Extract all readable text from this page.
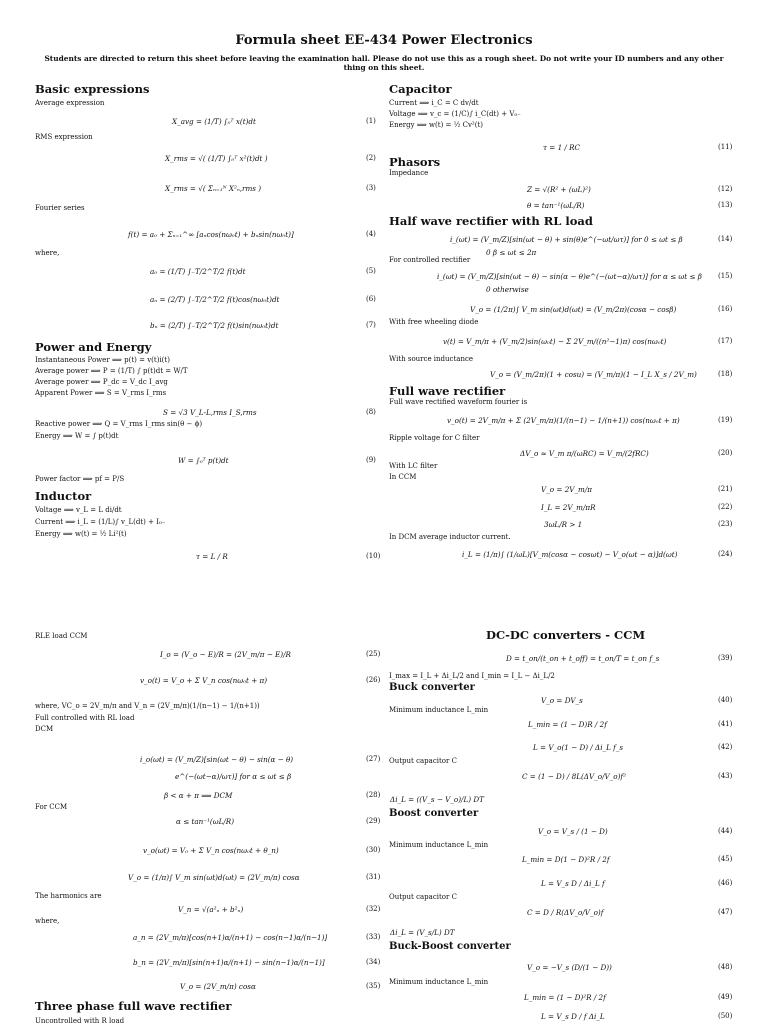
Formula sheet EE-434 Power Electronics
Students are directed to return this sheet before leaving the examination hall. Please do not use this as a rough sheet. Do not write your ID numbers and any other thing on this sheet.
Basic expressions
Average expression
X_avg = (1/T) ∫₀ᵀ x(t)dt	(1)
RMS expression
X_rms = √( (1/T) ∫₀ᵀ x²(t)dt )	(2)
X_rms = √( Σₙ₌₁ᴺ X²ₙ,rms )	(3)
Fourier series
f(t) = a₀ + Σₙ₌₁^∞ [aₙcos(nω₀t) + bₙsin(nω₀t)]	(4)
where,
a₀ = (1/T) ∫₋T/2^T/2 f(t)dt	(5)
aₙ = (2/T) ∫₋T/2^T/2 f(t)cos(nω₀t)dt	(6)
bₙ = (2/T) ∫₋T/2^T/2 f(t)sin(nω₀t)dt	(7)
Power and Energy
Instantaneous Power ⟹ p(t) = v(t)i(t)
Average power ⟹ P = (1/T) ∫ p(t)dt = W/T
Average power ⟹ P_dc = V_dc I_avg
Apparent Power ⟹ S = V_rms I_rms
S = √3 V_L-L,rms I_S,rms	(8)
Reactive power ⟹ Q = V_rms I_rms sin(θ − ϕ)
Energy ⟹ W = ∫ p(t)dt
W = ∫₀ᵀ p(t)dt	(9)
Power factor ⟹ pf = P/S
Inductor
Voltage ⟹ v_L = L di/dt
Current ⟹ i_L = (1/L)∫ v_L(dt) + I₀₋
Energy ⟹ w(t) = ½ Li²(t)
τ = L / R	(10)
RLE load CCM
I_o = (V_o − E)/R = (2V_m/π − E)/R	(25)
v_o(t) = V_o + Σ V_n cos(nω₀t + π)	(26)
where, VC_o = 2V_m/π and V_n = (2V_m/π)(1/(n−1) − 1/(n+1))
Full controlled with RL load
DCM
i_o(ωt) = (V_m/Z)[sin(ωt − θ) − sin(α − θ)	(27)
e^(−(ωt−α)/ωτ)] for α ≤ ωt ≤ β
β < α + π ⟹ DCM	(28)
For CCM
α ≤ tan⁻¹(ωL/R)	(29)
v_o(ωt) = V₀ + Σ V_n cos(nω₀t + θ_n)	(30)
V_o = (1/π)∫ V_m sin(ωt)d(ωt) = (2V_m/π) cosα	(31)
The harmonics are
V_n = √(a²ₙ + b²ₙ)	(32)
where,
a_n = (2V_m/π)[cos(n+1)α/(n+1) − cos(n−1)α/(n−1)]	(33)
b_n = (2V_m/π)[sin(n+1)α/(n+1) − sin(n−1)α/(n−1)]	(34)
V_o = (2V_m/π) cosα	(35)
Three phase full wave rectifier
Uncontrolled with R load
Capacitor
Current ⟹ i_C = C dv/dt
Voltage ⟹ v_c = (1/C)∫ i_C(dt) + V₀₋
Energy ⟹ w(t) = ½ Cv²(t)
τ = 1 / RC	(11)
Phasors
Impedance
Z = √(R² + (ωL)²)	(12)
θ = tan⁻¹(ωL/R)	(13)
Half wave rectifier with RL load
i_(ωt) = (V_m/Z)[sin(ωt − θ) + sin(θ)e^(−ωt/ωτ)] for 0 ≤ ωt ≤ β	(14)
0 β ≤ ωt ≤ 2π
For controlled rectifier
i_(ωt) = (V_m/Z)[sin(ωt − θ) − sin(α − θ)e^(−(ωt−α)/ωτ)] for α ≤ ωt ≤ β (15)
0 otherwise
V_o = (1/2π)∫ V_m sin(ωt)d(ωt) = (V_m/2π)(cosα − cosβ)	(16)
With free wheeling diode
v(t) = V_m/π + (V_m/2)sin(ω₀t) − Σ 2V_m/((n²−1)π) cos(nω₀t)	(17)
With source inductance
V_o = (V_m/2π)(1 + cosu) = (V_m/π)(1 − I_L X_s / 2V_m)	(18)
Full wave rectifier
Full wave rectified waveform fourier is
v_o(t) = 2V_m/π + Σ (2V_m/π)(1/(n−1) − 1/(n+1)) cos(nω₀t + π)	(19)
Ripple voltage for C filter
ΔV_o ≈ V_m π/(ωRC) = V_m/(2fRC)	(20)
With LC filter
In CCM
V_o = 2V_m/π	(21)
I_L = 2V_m/πR	(22)
3ωL/R > 1	(23)
In DCM average inductor current.
i_L = (1/π)∫ (1/ωL)[V_m(cosα − cosωt) − V_o(ωt − α)]d(ωt)	(24)
DC-DC converters - CCM
D = t_on/(t_on + t_off) = t_on/T = t_on f_s	(39)
I_max = I_L + Δi_L/2 and I_min = I_L − Δi_L/2
Buck converter
V_o = DV_s	(40)
Minimum inductance L_min
L_min = (1 − D)R / 2f	(41)
L = V_o(1 − D) / Δi_L f_s	(42)
Output capacitor C
C = (1 − D) / 8L(ΔV_o/V_o)f²	(43)
Δi_L = ((V_s − V_o)/L) DT
Boost converter
V_o = V_s / (1 − D)	(44)
Minimum inductance L_min
L_min = D(1 − D)²R / 2f	(45)
L = V_s D / Δi_L f	(46)
Output capacitor C
C = D / R(ΔV_o/V_o)f	(47)
Δi_L = (V_s/L) DT
Buck-Boost converter
V_o = −V_s (D/(1 − D))	(48)
Minimum inductance L_min
L_min = (1 − D)²R / 2f	(49)
L = V_s D / f Δi_L	(50)
